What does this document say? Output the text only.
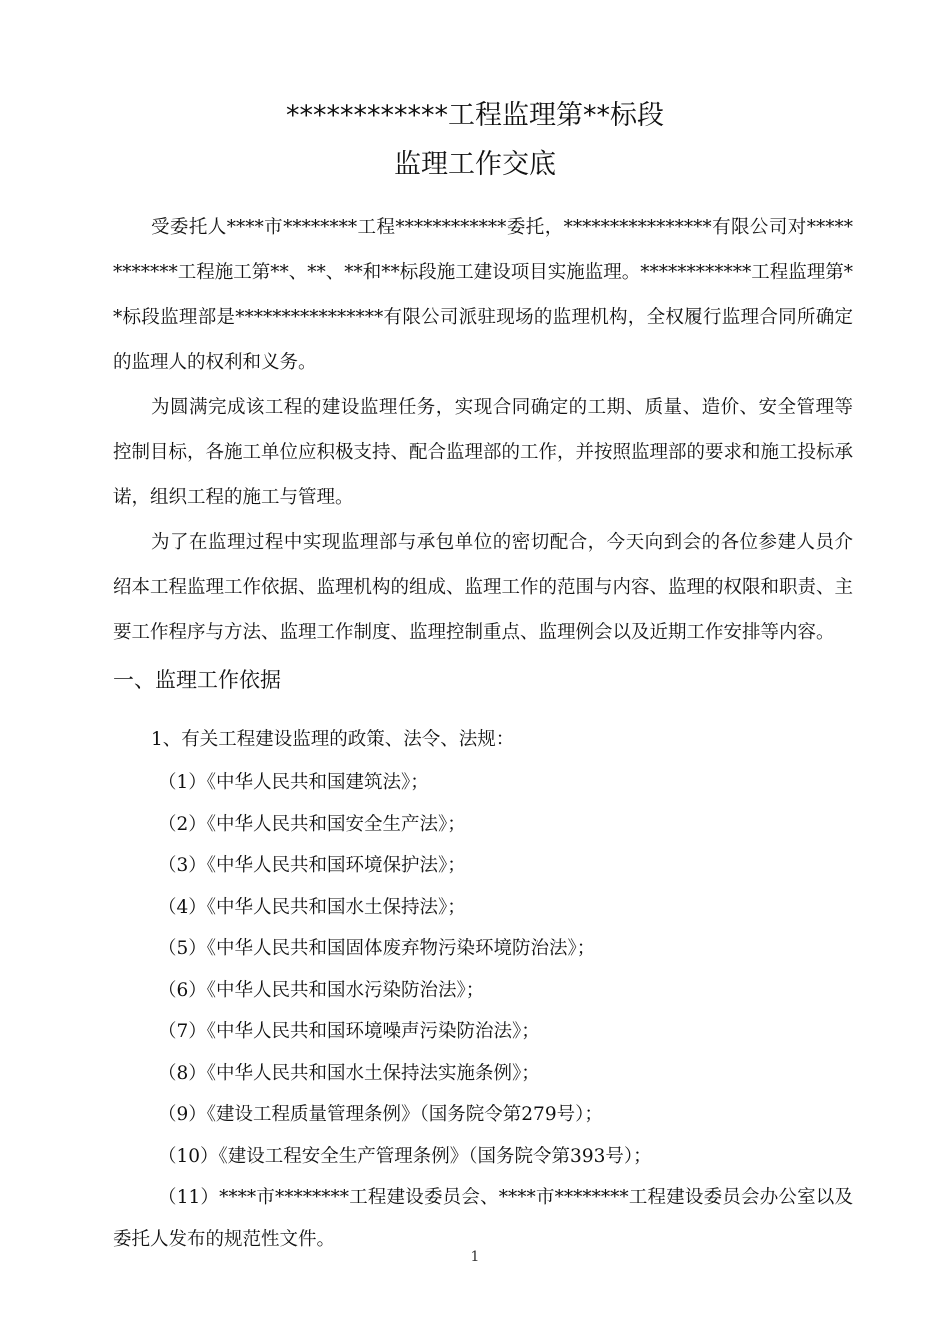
************工程监理第**标段
监理工作交底

受委托人****市********工程************委托，****************有限公司对************工程施工第**、**、**和**标段施工建设项目实施监理。************工程监理第**标段监理部是****************有限公司派驻现场的监理机构，全权履行监理合同所确定的监理人的权利和义务。

为圆满完成该工程的建设监理任务，实现合同确定的工期、质量、造价、安全管理等控制目标，各施工单位应积极支持、配合监理部的工作，并按照监理部的要求和施工投标承诺，组织工程的施工与管理。

为了在监理过程中实现监理部与承包单位的密切配合，今天向到会的各位参建人员介绍本工程监理工作依据、监理机构的组成、监理工作的范围与内容、监理的权限和职责、主要工作程序与方法、监理工作制度、监理控制重点、监理例会以及近期工作安排等内容。

一、监理工作依据

1、有关工程建设监理的政策、法令、法规：

（1）《中华人民共和国建筑法》；

（2）《中华人民共和国安全生产法》；

（3）《中华人民共和国环境保护法》；

（4）《中华人民共和国水土保持法》；

（5）《中华人民共和国固体废弃物污染环境防治法》；

（6）《中华人民共和国水污染防治法》；

（7）《中华人民共和国环境噪声污染防治法》；

（8）《中华人民共和国水土保持法实施条例》；

（9）《建设工程质量管理条例》（国务院令第279号）；

（10）《建设工程安全生产管理条例》（国务院令第393号）；

（11）****市********工程建设委员会、****市********工程建设委员会办公室以及委托人发布的规范性文件。

1
